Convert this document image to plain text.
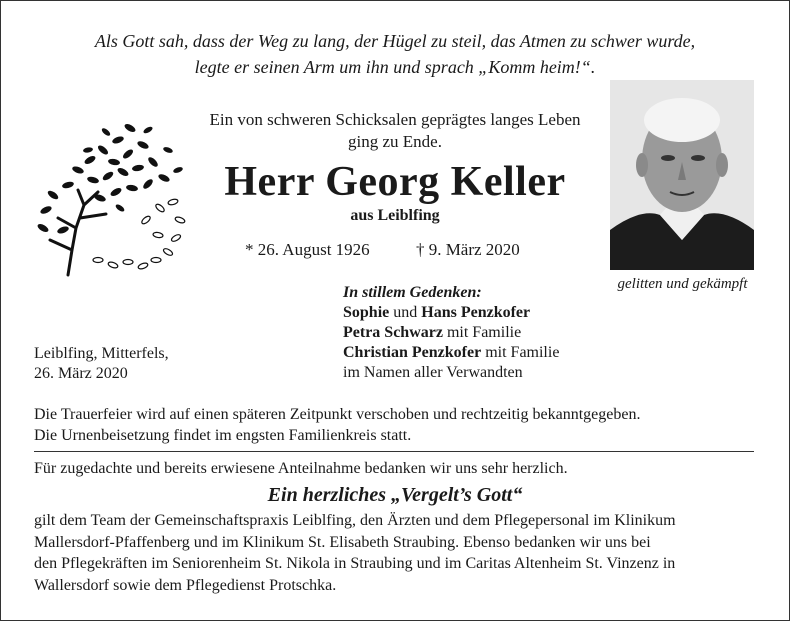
Als Gott sah, dass der Weg zu lang, der Hügel zu steil, das Atmen zu schwer wurde,
legte er seinen Arm um ihn und sprach „Komm heim!“.
Ein von schweren Schicksalen geprägtes langes Leben
ging zu Ende.
Herr Georg Keller
aus Leiblfing
* 26. August 1926	† 9. März 2020
gelitten und gekämpft
In stillem Gedenken:
Sophie und Hans Penzkofer
Petra Schwarz mit Familie
Christian Penzkofer mit Familie
im Namen aller Verwandten
Leiblfing, Mitterfels,
26. März 2020
Die Trauerfeier wird auf einen späteren Zeitpunkt verschoben und rechtzeitig bekanntgegeben.
Die Urnenbeisetzung findet im engsten Familienkreis statt.
Für zugedachte und bereits erwiesene Anteilnahme bedanken wir uns sehr herzlich.
Ein herzliches „Vergelt’s Gott“
gilt dem Team der Gemeinschaftspraxis Leiblfing, den Ärzten und dem Pflegepersonal im Klinikum
Mallersdorf-Pfaffenberg und im Klinikum St. Elisabeth Straubing. Ebenso bedanken wir uns bei
den Pflegekräften im Seniorenheim St. Nikola in Straubing und im Caritas Altenheim St. Vinzenz in
Wallersdorf sowie dem Pflegedienst Protschka.
